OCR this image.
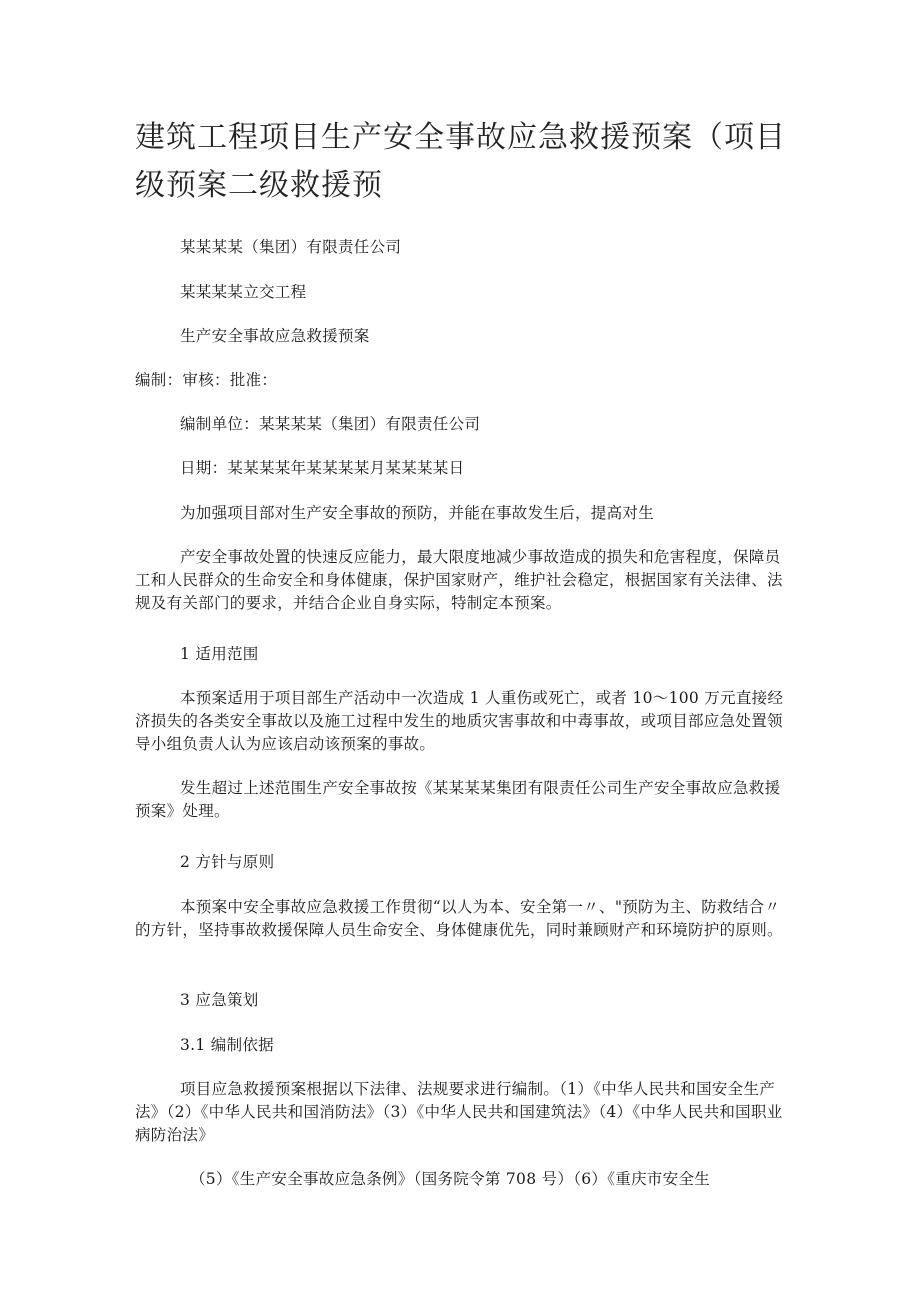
建筑工程项目生产安全事故应急救援预案（项目级预案二级救援预

某某某某（集团）有限责任公司

某某某某立交工程

生产安全事故应急救援预案

编制：审核：批准：

编制单位：某某某某（集团）有限责任公司

日期：某某某某年某某某某月某某某某日

为加强项目部对生产安全事故的预防，并能在事故发生后，提高对生

产安全事故处置的快速反应能力，最大限度地减少事故造成的损失和危害程度，保障员工和人民群众的生命安全和身体健康，保护国家财产，维护社会稳定，根据国家有关法律、法规及有关部门的要求，并结合企业自身实际，特制定本预案。

1 适用范围

本预案适用于项目部生产活动中一次造成 1 人重伤或死亡，或者 10～100 万元直接经济损失的各类安全事故以及施工过程中发生的地质灾害事故和中毒事故，或项目部应急处置领导小组负责人认为应该启动该预案的事故。

发生超过上述范围生产安全事故按《某某某某集团有限责任公司生产安全事故应急救援预案》处理。

2 方针与原则

本预案中安全事故应急救援工作贯彻“以人为本、安全第一〃、"预防为主、防救结合〃的方针，坚持事故救援保障人员生命安全、身体健康优先，同时兼顾财产和环境防护的原则。

3 应急策划

3.1 编制依据

项目应急救援预案根据以下法律、法规要求进行编制。（1）《中华人民共和国安全生产法》（2）《中华人民共和国消防法》（3）《中华人民共和国建筑法》（4）《中华人民共和国职业病防治法》

（5）《生产安全事故应急条例》（国务院令第 708 号）（6）《重庆市安全生
